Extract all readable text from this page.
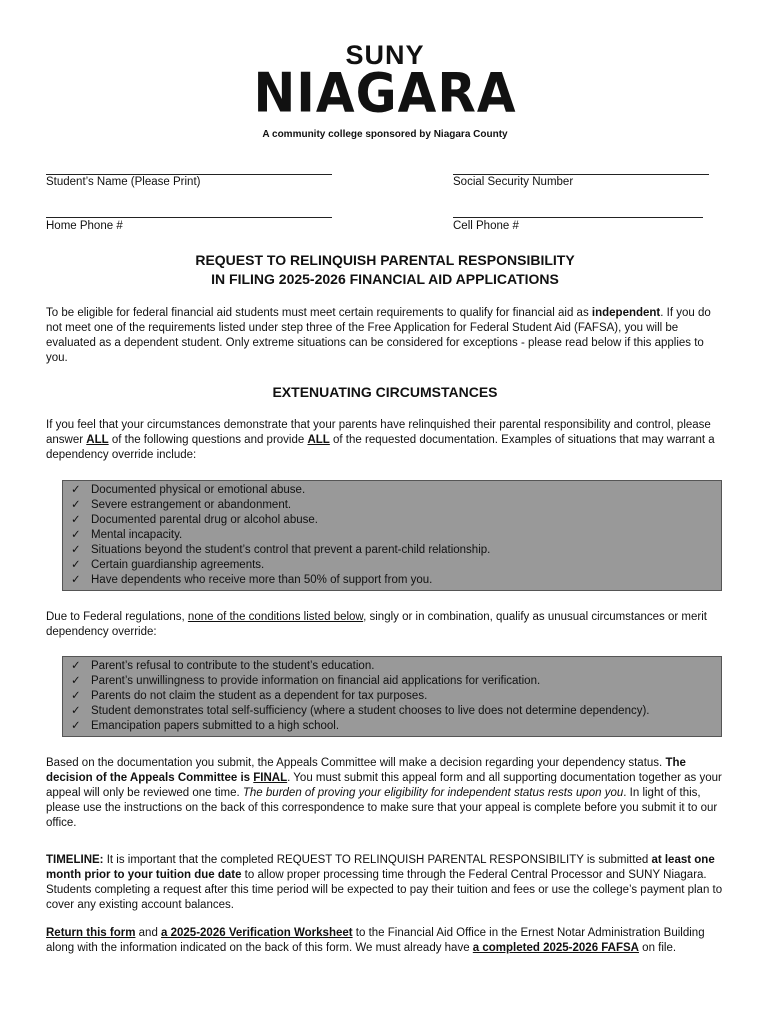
SUNY
NIAGARA
A community college sponsored by Niagara County
Student’s Name (Please Print)	Social Security Number
Home Phone #	Cell Phone #
REQUEST TO RELINQUISH PARENTAL RESPONSIBILITY
IN FILING 2025-2026 FINANCIAL AID APPLICATIONS
To be eligible for federal financial aid students must meet certain requirements to qualify for financial aid as independent. If you do not meet one of the requirements listed under step three of the Free Application for Federal Student Aid (FAFSA), you will be evaluated as a dependent student. Only extreme situations can be considered for exceptions - please read below if this applies to you.
EXTENUATING CIRCUMSTANCES
If you feel that your circumstances demonstrate that your parents have relinquished their parental responsibility and control, please answer ALL of the following questions and provide ALL of the requested documentation. Examples of situations that may warrant a dependency override include:
✓ Documented physical or emotional abuse.
✓ Severe estrangement or abandonment.
✓ Documented parental drug or alcohol abuse.
✓ Mental incapacity.
✓ Situations beyond the student’s control that prevent a parent-child relationship.
✓ Certain guardianship agreements.
✓ Have dependents who receive more than 50% of support from you.
Due to Federal regulations, none of the conditions listed below, singly or in combination, qualify as unusual circumstances or merit dependency override:
✓ Parent’s refusal to contribute to the student’s education.
✓ Parent’s unwillingness to provide information on financial aid applications for verification.
✓ Parents do not claim the student as a dependent for tax purposes.
✓ Student demonstrates total self-sufficiency (where a student chooses to live does not determine dependency).
✓ Emancipation papers submitted to a high school.
Based on the documentation you submit, the Appeals Committee will make a decision regarding your dependency status. The decision of the Appeals Committee is FINAL. You must submit this appeal form and all supporting documentation together as your appeal will only be reviewed one time. The burden of proving your eligibility for independent status rests upon you. In light of this, please use the instructions on the back of this correspondence to make sure that your appeal is complete before you submit it to our office.
TIMELINE: It is important that the completed REQUEST TO RELINQUISH PARENTAL RESPONSIBILITY is submitted at least one month prior to your tuition due date to allow proper processing time through the Federal Central Processor and SUNY Niagara. Students completing a request after this time period will be expected to pay their tuition and fees or use the college’s payment plan to cover any existing account balances.
Return this form and a 2025-2026 Verification Worksheet to the Financial Aid Office in the Ernest Notar Administration Building along with the information indicated on the back of this form. We must already have a completed 2025-2026 FAFSA on file.
